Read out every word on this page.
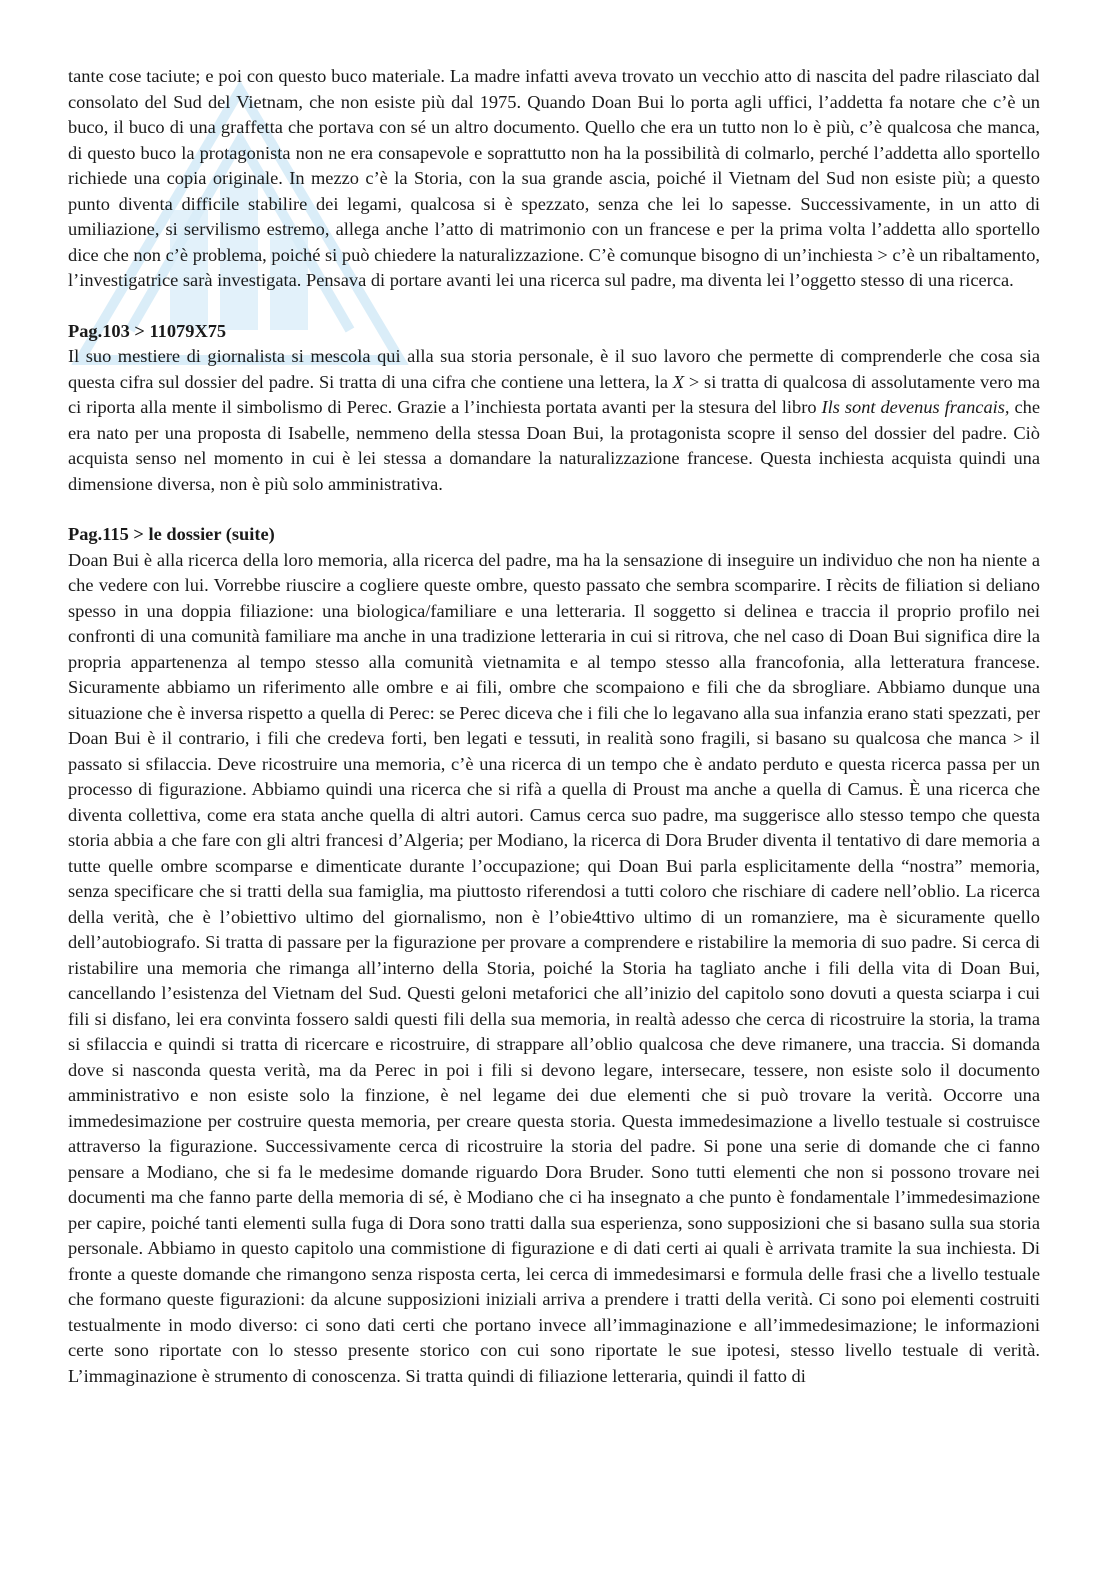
tante cose taciute; e poi con questo buco materiale. La madre infatti aveva trovato un vecchio atto di nascita del padre rilasciato dal consolato del Sud del Vietnam, che non esiste più dal 1975. Quando Doan Bui lo porta agli uffici, l’addetta fa notare che c’è un buco, il buco di una graffetta che portava con sé un altro documento. Quello che era un tutto non lo è più, c’è qualcosa che manca, di questo buco la protagonista non ne era consapevole e soprattutto non ha la possibilità di colmarlo, perché l’addetta allo sportello richiede una copia originale. In mezzo c’è la Storia, con la sua grande ascia, poiché il Vietnam del Sud non esiste più; a questo punto diventa difficile stabilire dei legami, qualcosa si è spezzato, senza che lei lo sapesse. Successivamente, in un atto di umiliazione, si servilismo estremo, allega anche l’atto di matrimonio con un francese e per la prima volta l’addetta allo sportello dice che non c’è problema, poiché si può chiedere la naturalizzazione. C’è comunque bisogno di un’inchiesta > c’è un ribaltamento, l’investigatrice sarà investigata. Pensava di portare avanti lei una ricerca sul padre, ma diventa lei l’oggetto stesso di una ricerca.

Pag.103 > 11079X75

Il suo mestiere di giornalista si mescola qui alla sua storia personale, è il suo lavoro che permette di comprenderle che cosa sia questa cifra sul dossier del padre. Si tratta di una cifra che contiene una lettera, la X > si tratta di qualcosa di assolutamente vero ma ci riporta alla mente il simbolismo di Perec. Grazie a l’inchiesta portata avanti per la stesura del libro Ils sont devenus francais, che era nato per una proposta di Isabelle, nemmeno della stessa Doan Bui, la protagonista scopre il senso del dossier del padre. Ciò acquista senso nel momento in cui è lei stessa a domandare la naturalizzazione francese. Questa inchiesta acquista quindi una dimensione diversa, non è più solo amministrativa.

Pag.115 > le dossier (suite)

Doan Bui è alla ricerca della loro memoria, alla ricerca del padre, ma ha la sensazione di inseguire un individuo che non ha niente a che vedere con lui. Vorrebbe riuscire a cogliere queste ombre, questo passato che sembra scomparire. I rècits de filiation si deliano spesso in una doppia filiazione: una biologica/familiare e una letteraria. Il soggetto si delinea e traccia il proprio profilo nei confronti di una comunità familiare ma anche in una tradizione letteraria in cui si ritrova, che nel caso di Doan Bui significa dire la propria appartenenza al tempo stesso alla comunità vietnamita e al tempo stesso alla francofonia, alla letteratura francese. Sicuramente abbiamo un riferimento alle ombre e ai fili, ombre che scompaiono e fili che da sbrogliare. Abbiamo dunque una situazione che è inversa rispetto a quella di Perec: se Perec diceva che i fili che lo legavano alla sua infanzia erano stati spezzati, per Doan Bui è il contrario, i fili che credeva forti, ben legati e tessuti, in realità sono fragili, si basano su qualcosa che manca > il passato si sfilaccia. Deve ricostruire una memoria, c’è una ricerca di un tempo che è andato perduto e questa ricerca passa per un processo di figurazione. Abbiamo quindi una ricerca che si rifà a quella di Proust ma anche a quella di Camus. È una ricerca che diventa collettiva, come era stata anche quella di altri autori. Camus cerca suo padre, ma suggerisce allo stesso tempo che questa storia abbia a che fare con gli altri francesi d’Algeria; per Modiano, la ricerca di Dora Bruder diventa il tentativo di dare memoria a tutte quelle ombre scomparse e dimenticate durante l’occupazione; qui Doan Bui parla esplicitamente della “nostra” memoria, senza specificare che si tratti della sua famiglia, ma piuttosto riferendosi a tutti coloro che rischiare di cadere nell’oblio. La ricerca della verità, che è l’obiettivo ultimo del giornalismo, non è l’obie4ttivo ultimo di un romanziere, ma è sicuramente quello dell’autobiografo. Si tratta di passare per la figurazione per provare a comprendere e ristabilire la memoria di suo padre. Si cerca di ristabilire una memoria che rimanga all’interno della Storia, poiché la Storia ha tagliato anche i fili della vita di Doan Bui, cancellando l’esistenza del Vietnam del Sud. Questi geloni metaforici che all’inizio del capitolo sono dovuti a questa sciarpa i cui fili si disfano, lei era convinta fossero saldi questi fili della sua memoria, in realtà adesso che cerca di ricostruire la storia, la trama si sfilaccia e quindi si tratta di ricercare e ricostruire, di strappare all’oblio qualcosa che deve rimanere, una traccia. Si domanda dove si nasconda questa verità, ma da Perec in poi i fili si devono legare, intersecare, tessere, non esiste solo il documento amministrativo e non esiste solo la finzione, è nel legame dei due elementi che si può trovare la verità. Occorre una immedesimazione per costruire questa memoria, per creare questa storia. Questa immedesimazione a livello testuale si costruisce attraverso la figurazione. Successivamente cerca di ricostruire la storia del padre. Si pone una serie di domande che ci fanno pensare a Modiano, che si fa le medesime domande riguardo Dora Bruder. Sono tutti elementi che non si possono trovare nei documenti ma che fanno parte della memoria di sé, è Modiano che ci ha insegnato a che punto è fondamentale l’immedesimazione per capire, poiché tanti elementi sulla fuga di Dora sono tratti dalla sua esperienza, sono supposizioni che si basano sulla sua storia personale. Abbiamo in questo capitolo una commistione di figurazione e di dati certi ai quali è arrivata tramite la sua inchiesta. Di fronte a queste domande che rimangono senza risposta certa, lei cerca di immedesimarsi e formula delle frasi che a livello testuale che formano queste figurazioni: da alcune supposizioni iniziali arriva a prendere i tratti della verità. Ci sono poi elementi costruiti testualmente in modo diverso: ci sono dati certi che portano invece all’immaginazione e all’immedesimazione; le informazioni certe sono riportate con lo stesso presente storico con cui sono riportate le sue ipotesi, stesso livello testuale di verità. L’immaginazione è strumento di conoscenza. Si tratta quindi di filiazione letteraria, quindi il fatto di
